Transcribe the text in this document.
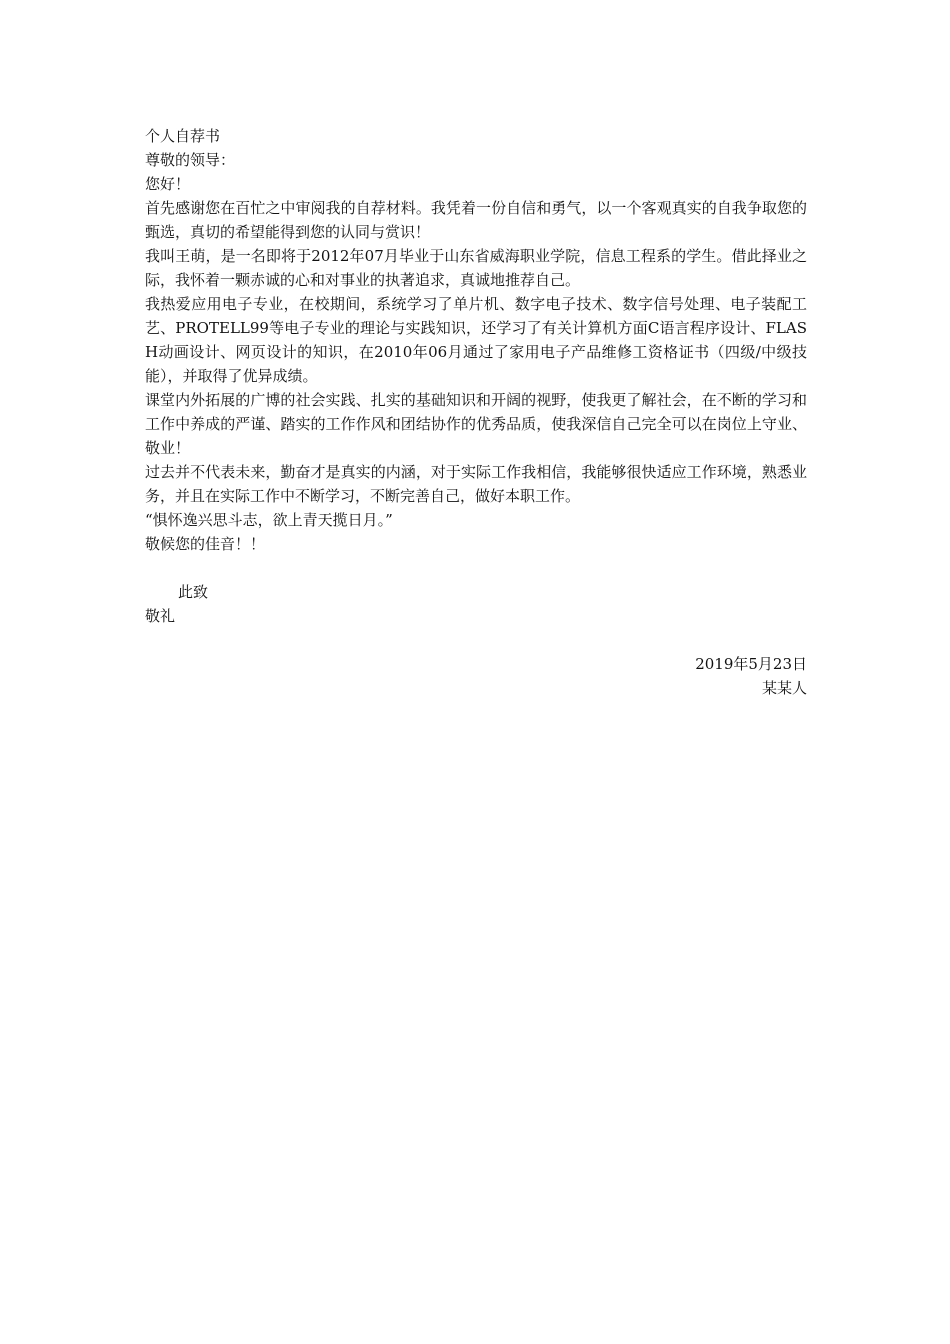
个人自荐书

尊敬的领导：

您好！

首先感谢您在百忙之中审阅我的自荐材料。我凭着一份自信和勇气，以一个客观真实的自我争取您的甄选，真切的希望能得到您的认同与赏识！

我叫王萌，是一名即将于2012年07月毕业于山东省威海职业学院，信息工程系的学生。借此择业之际，我怀着一颗赤诚的心和对事业的执著追求，真诚地推荐自己。

我热爱应用电子专业，在校期间，系统学习了单片机、数字电子技术、数字信号处理、电子装配工艺、PROTELL99等电子专业的理论与实践知识，还学习了有关计算机方面C语言程序设计、FLASH动画设计、网页设计的知识，在2010年06月通过了家用电子产品维修工资格证书（四级/中级技能），并取得了优异成绩。

课堂内外拓展的广博的社会实践、扎实的基础知识和开阔的视野，使我更了解社会，在不断的学习和工作中养成的严谨、踏实的工作作风和团结协作的优秀品质，使我深信自己完全可以在岗位上守业、敬业！

过去并不代表未来，勤奋才是真实的内涵，对于实际工作我相信，我能够很快适应工作环境，熟悉业务，并且在实际工作中不断学习，不断完善自己，做好本职工作。

“惧怀逸兴思斗志，欲上青天揽日月。”

敬候您的佳音！！

此致

敬礼

2019年5月23日

某某人
